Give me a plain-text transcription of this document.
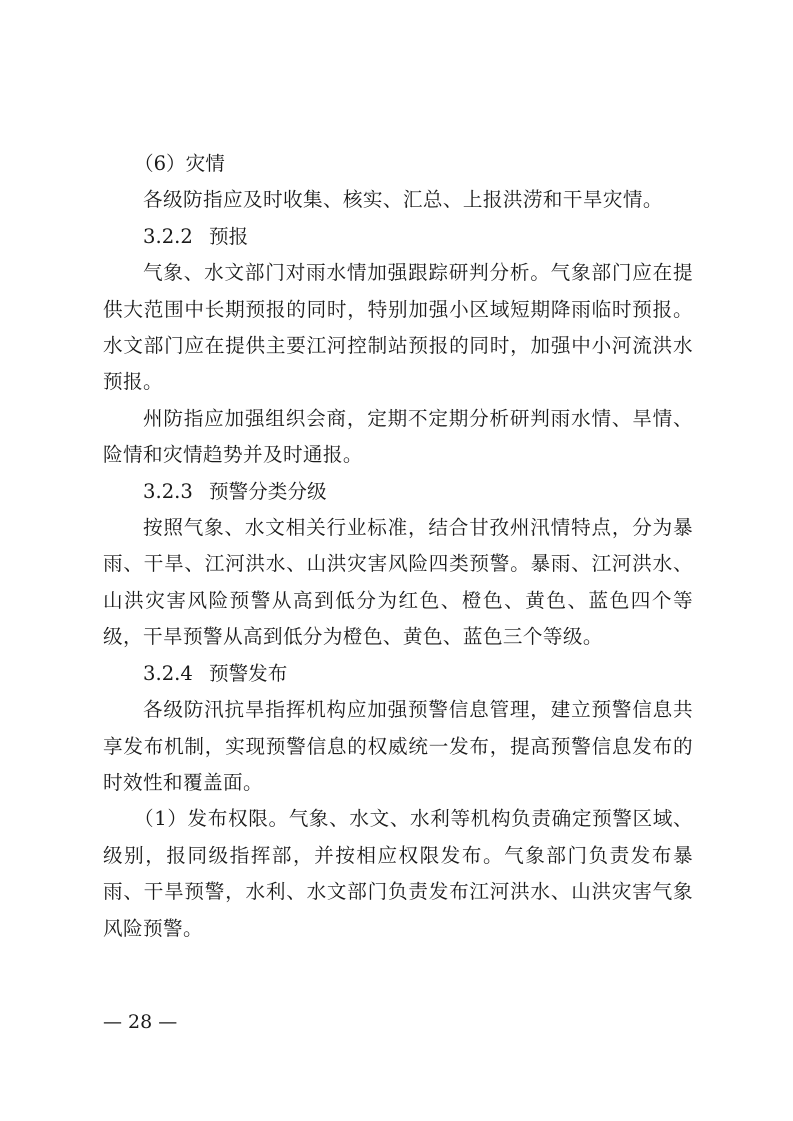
（6）灾情

各级防指应及时收集、核实、汇总、上报洪涝和干旱灾情。

3.2.2 预报

气象、水文部门对雨水情加强跟踪研判分析。气象部门应在提供大范围中长期预报的同时，特别加强小区域短期降雨临时预报。水文部门应在提供主要江河控制站预报的同时，加强中小河流洪水预报。

州防指应加强组织会商，定期不定期分析研判雨水情、旱情、险情和灾情趋势并及时通报。

3.2.3 预警分类分级

按照气象、水文相关行业标准，结合甘孜州汛情特点，分为暴雨、干旱、江河洪水、山洪灾害风险四类预警。暴雨、江河洪水、山洪灾害风险预警从高到低分为红色、橙色、黄色、蓝色四个等级，干旱预警从高到低分为橙色、黄色、蓝色三个等级。

3.2.4 预警发布

各级防汛抗旱指挥机构应加强预警信息管理，建立预警信息共享发布机制，实现预警信息的权威统一发布，提高预警信息发布的时效性和覆盖面。

（1）发布权限。气象、水文、水利等机构负责确定预警区域、级别，报同级指挥部，并按相应权限发布。气象部门负责发布暴雨、干旱预警，水利、水文部门负责发布江河洪水、山洪灾害气象风险预警。

— 28 —
